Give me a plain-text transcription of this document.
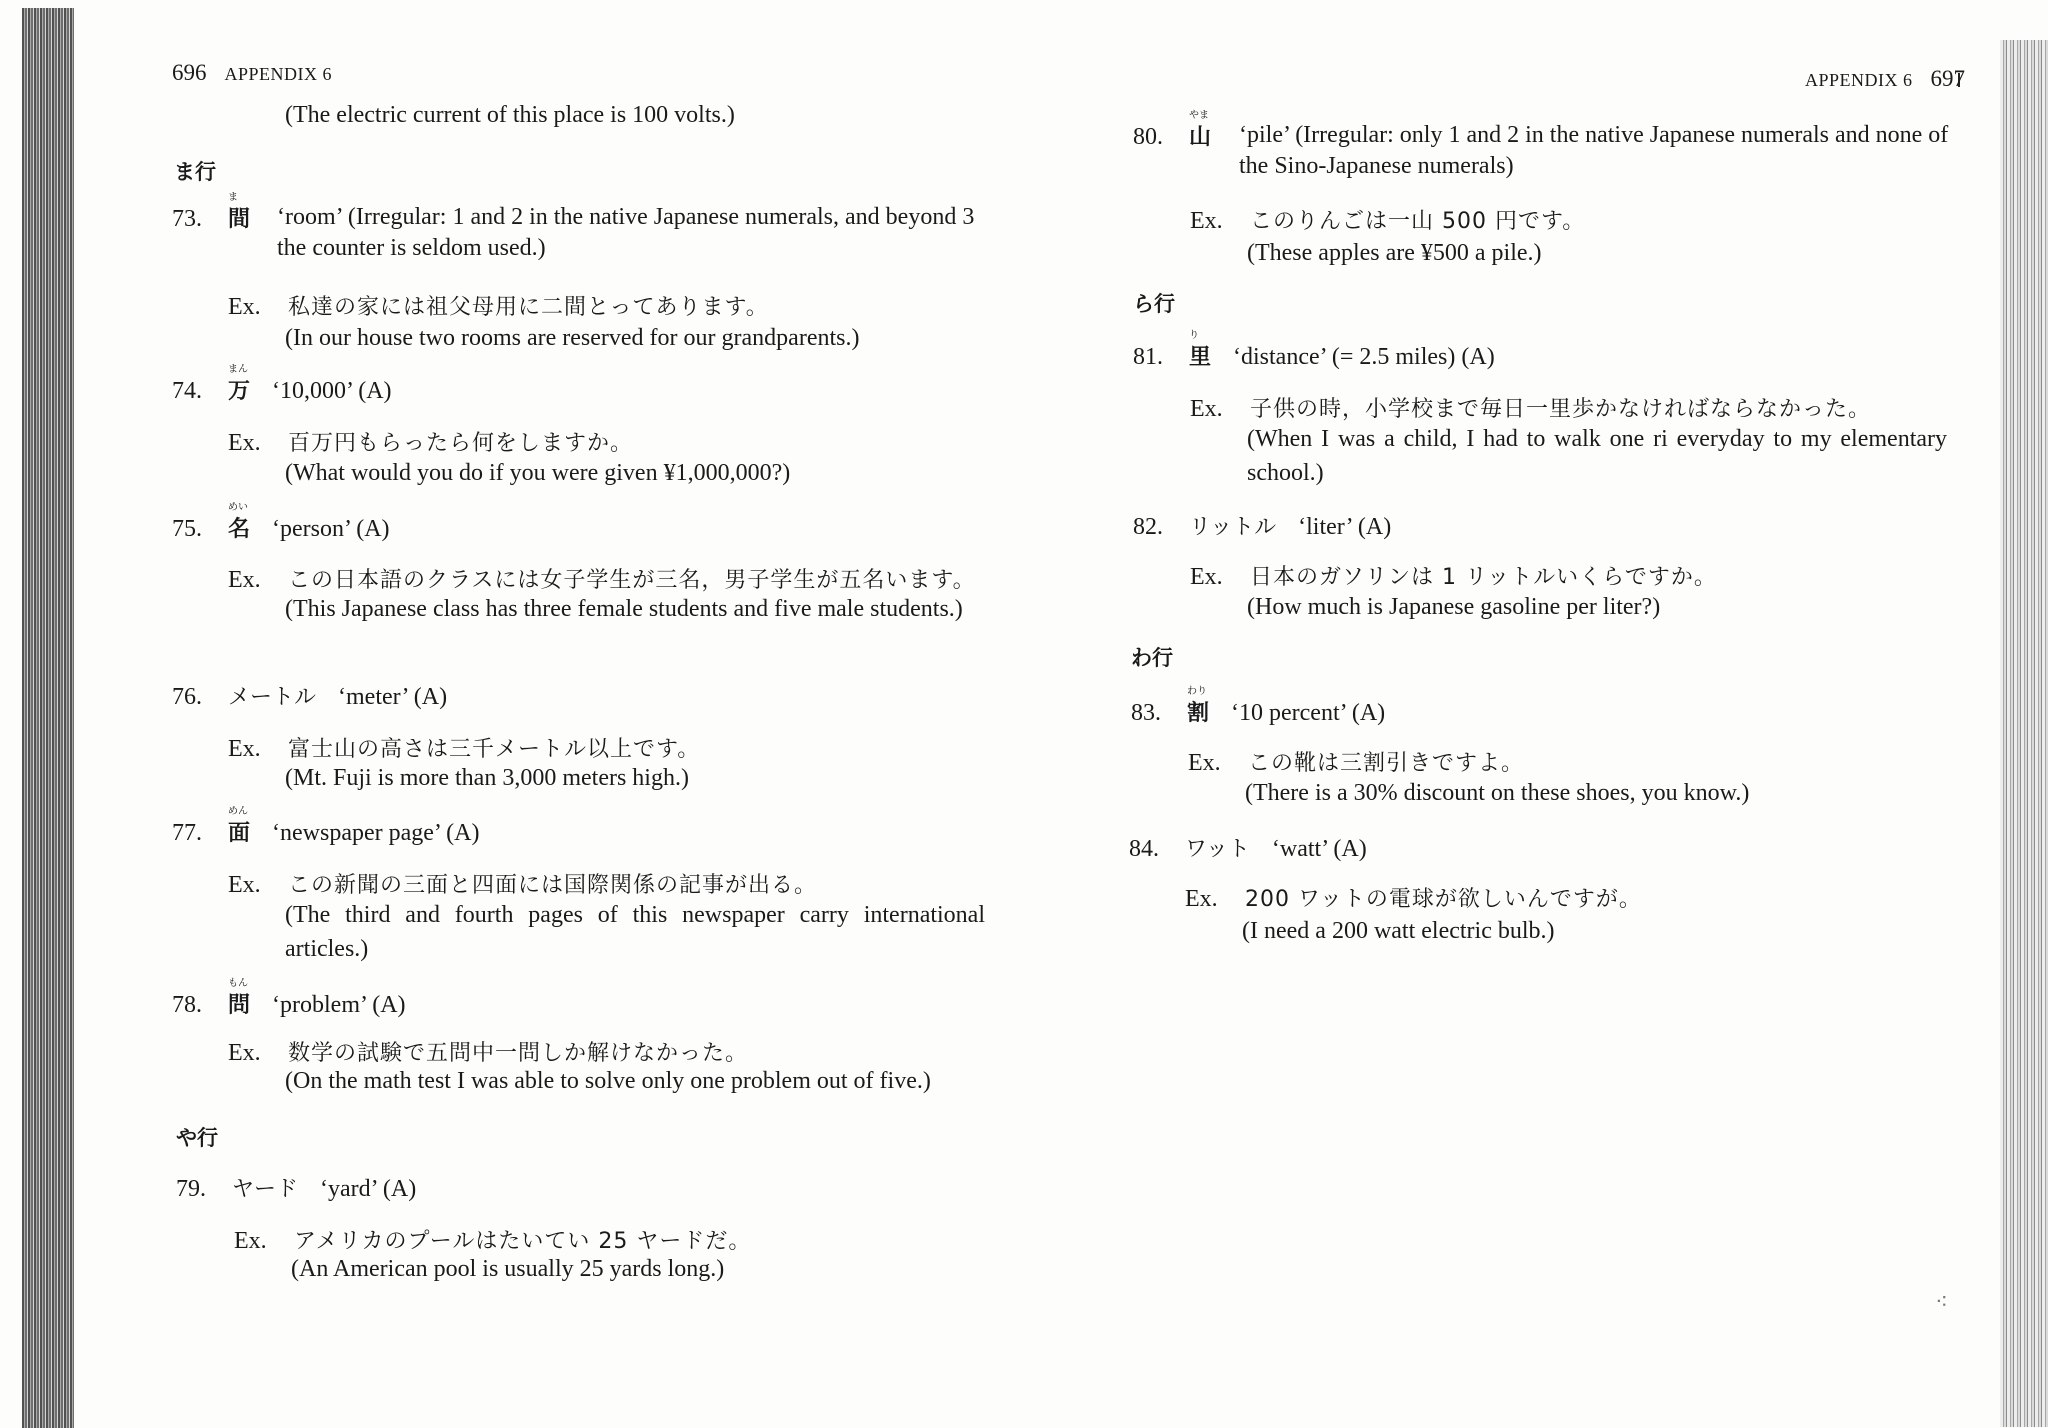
696 APPENDIX 6
(The electric current of this place is 100 volts.)
ま行
73.
ま
間 ‘room’ (Irregular: 1 and 2 in the native Japanese numerals, and beyond 3 the counter is seldom used.)
Ex.	私達の家には祖父母用に二間とってあります。
(In our house two rooms are reserved for our grandparents.)
74.
まん
万 ‘10,000’ (A)
Ex.	百万円もらったら何をしますか。
(What would you do if you were given ¥1,000,000?)
75.
めい
名 ‘person’ (A)
Ex.	この日本語のクラスには女子学生が三名，男子学生が五名います。
(This Japanese class has three female students and five male students.)
76.	メートル ‘meter’ (A)
Ex.	富士山の高さは三千メートル以上です。
(Mt. Fuji is more than 3,000 meters high.)
77.
めん
面 ‘newspaper page’ (A)
Ex.	この新聞の三面と四面には国際関係の記事が出る。
(The third and fourth pages of this newspaper carry international articles.)
78.
もん
問 ‘problem’ (A)
Ex.	数学の試験で五問中一問しか解けなかった。
(On the math test I was able to solve only one problem out of five.)
や行
79.	ヤード ‘yard’ (A)
Ex.	アメリカのプールはたいてい 25 ヤードだ。
(An American pool is usually 25 yards long.)
APPENDIX 6 697
80.
やま
山 ‘pile’ (Irregular: only 1 and 2 in the native Japanese numerals and none of the Sino-Japanese numerals)
Ex.	このりんごは一山 500 円です。
(These apples are ¥500 a pile.)
ら行
81.
り
里 ‘distance’ (= 2.5 miles) (A)
Ex.	子供の時，小学校まで毎日一里歩かなければならなかった。
(When I was a child, I had to walk one ri everyday to my elementary school.)
82.	リットル ‘liter’ (A)
Ex.	日本のガソリンは 1 リットルいくらですか。
(How much is Japanese gasoline per liter?)
わ行
83.
わり
割 ‘10 percent’ (A)
Ex.	この靴は三割引きですよ。
(There is a 30% discount on these shoes, you know.)
84.	ワット ‘watt’ (A)
Ex.	200 ワットの電球が欲しいんですが。
(I need a 200 watt electric bulb.)
⁖
